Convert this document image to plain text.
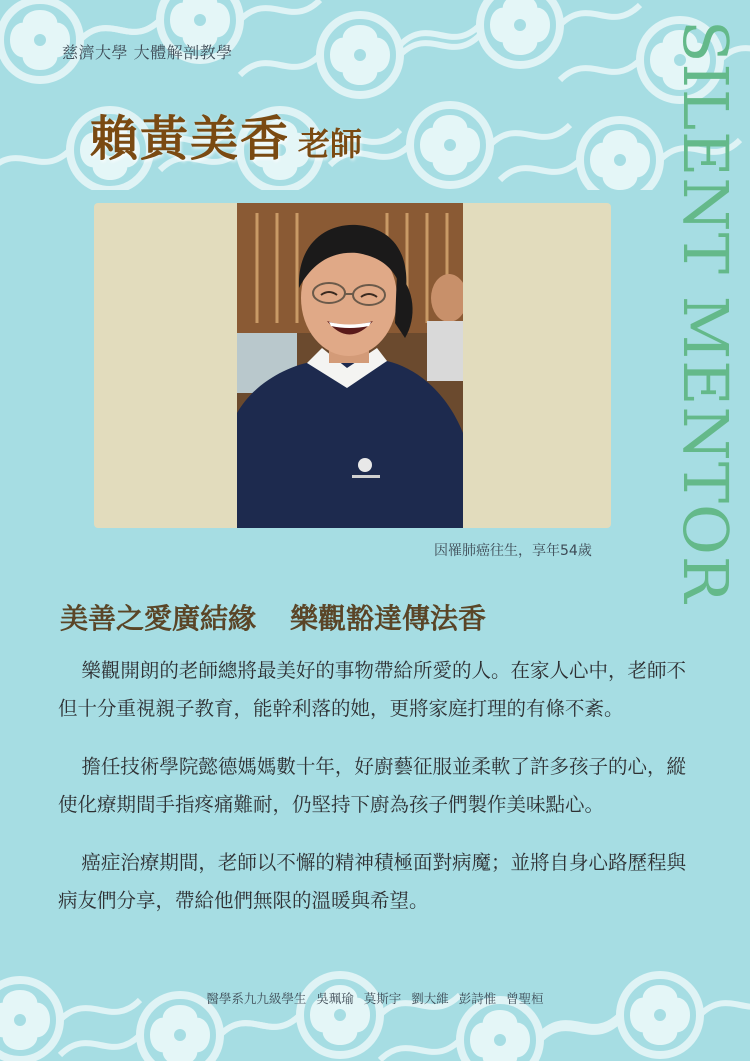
慈濟大學 大體解剖教學
賴黃美香 老師	SILENT MENTOR
因罹肺癌往生，享年54歲
美善之愛廣結緣 樂觀豁達傳法香

樂觀開朗的老師總將最美好的事物帶給所愛的人。在家人心中，老師不但十分重視親子教育，能幹利落的她，更將家庭打理的有條不紊。

擔任技術學院懿德媽媽數十年，好廚藝征服並柔軟了許多孩子的心，縱使化療期間手指疼痛難耐，仍堅持下廚為孩子們製作美味點心。

癌症治療期間，老師以不懈的精神積極面對病魔；並將自身心路歷程與病友們分享，帶給他們無限的溫暖與希望。

醫學系九九級學生 吳珮瑜 莫斯宇 劉大維 彭詩惟 曾聖桓
